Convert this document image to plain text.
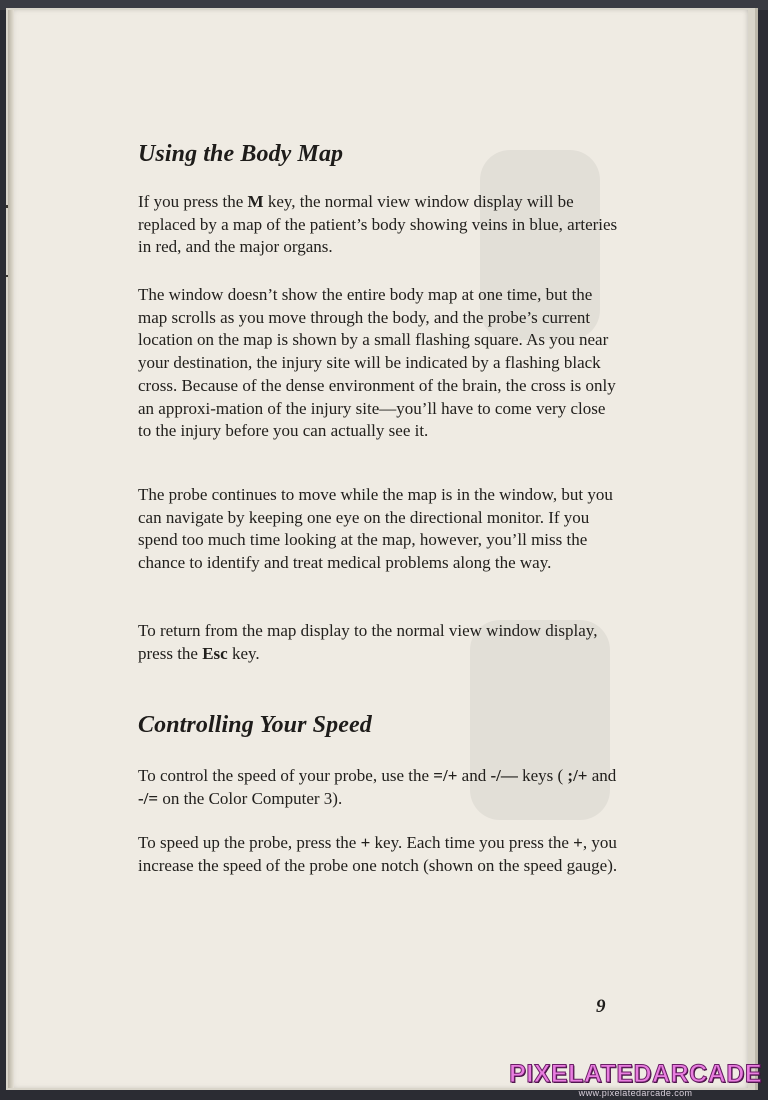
Using the Body Map

If you press the M key, the normal view window display will be replaced by a map of the patient’s body showing veins in blue, arteries in red, and the major organs.

The window doesn’t show the entire body map at one time, but the map scrolls as you move through the body, and the probe’s current location on the map is shown by a small flashing square. As you near your destination, the injury site will be indicated by a flashing black cross. Because of the dense environment of the brain, the cross is only an approxi-mation of the injury site—you’ll have to come very close to the injury before you can actually see it.

The probe continues to move while the map is in the window, but you can navigate by keeping one eye on the directional monitor. If you spend too much time looking at the map, however, you’ll miss the chance to identify and treat medical problems along the way.

To return from the map display to the normal view window display, press the Esc key.

Controlling Your Speed

To control the speed of your probe, use the =/+ and -/— keys ( ;/+ and -/= on the Color Computer 3).

To speed up the probe, press the + key. Each time you press the +, you increase the speed of the probe one notch (shown on the speed gauge).

9
PIXELATEDARCADE
www.pixelatedarcade.com
